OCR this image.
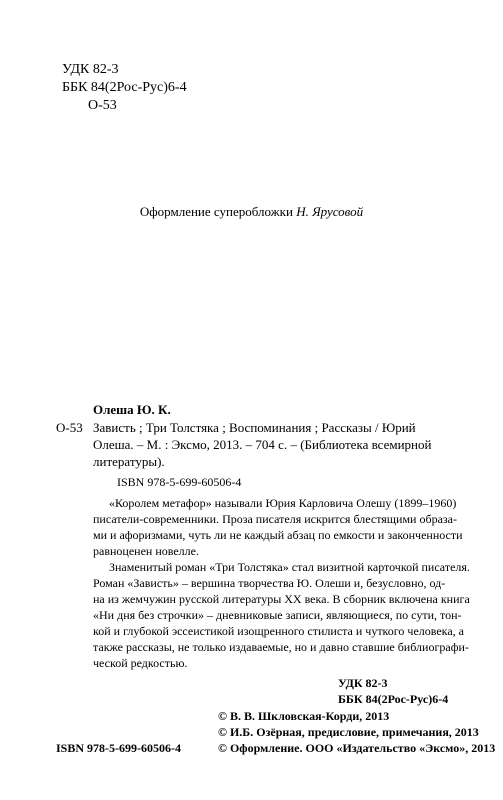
УДК 82-3
ББК 84(2Рос-Рус)6-4
О-53
Оформление суперобложки Н. Ярусовой
Олеша Ю. К.
О-53 Зависть ; Три Толстяка ; Воспоминания ; Рассказы / Юрий
Олеша. – М. : Эксмо, 2013. – 704 с. – (Библиотека всемирной
литературы).
ISBN 978-5-699-60506-4

«Королем метафор» называли Юрия Карловича Олешу (1899–1960)

писатели-современники. Проза писателя искрится блестящими образа-

ми и афоризмами, чуть ли не каждый абзац по емкости и законченности

равноценен новелле.

Знаменитый роман «Три Толстяка» стал визитной карточкой писателя.

Роман «Зависть» – вершина творчества Ю. Олеши и, безусловно, од-

на из жемчужин русской литературы XX века. В сборник включена книга

«Ни дня без строчки» – дневниковые записи, являющиеся, по сути, тон-

кой и глубокой эссеистикой изощренного стилиста и чуткого человека, а

также рассказы, не только издаваемые, но и давно ставшие библиографи-

ческой редкостью.

УДК 82-3
ББК 84(2Рос-Рус)6-4
ISBN 978-5-699-60506-4
© В. В. Шкловская-Корди, 2013
© И.Б. Озёрная, предисловие, примечания, 2013
© Оформление. ООО «Издательство «Эксмо», 2013
